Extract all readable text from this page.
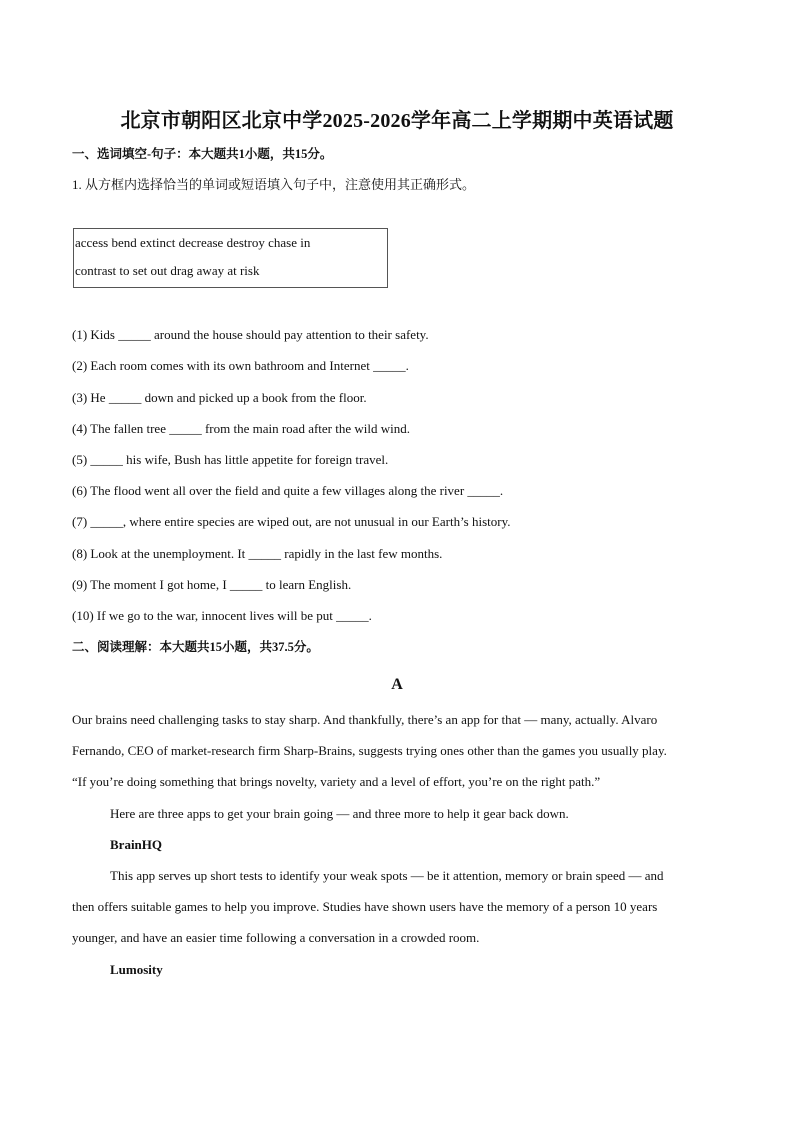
北京市朝阳区北京中学2025-2026学年高二上学期期中英语试题
一、选词填空-句子：本大题共1小题，共15分。
1. 从方框内选择恰当的单词或短语填入句子中，注意使用其正确形式。
access bend extinct decrease destroy chase in
contrast to set out drag away at risk
(1) Kids _____ around the house should pay attention to their safety.
(2) Each room comes with its own bathroom and Internet _____.
(3) He _____ down and picked up a book from the floor.
(4) The fallen tree _____ from the main road after the wild wind.
(5) _____ his wife, Bush has little appetite for foreign travel.
(6) The flood went all over the field and quite a few villages along the river _____.
(7) _____, where entire species are wiped out, are not unusual in our Earth’s history.
(8) Look at the unemployment. It _____ rapidly in the last few months.
(9) The moment I got home, I _____ to learn English.
(10) If we go to the war, innocent lives will be put _____.
二、阅读理解：本大题共15小题，共37.5分。
A
Our brains need challenging tasks to stay sharp. And thankfully, there’s an app for that — many, actually. Alvaro
Fernando, CEO of market-research firm Sharp-Brains, suggests trying ones other than the games you usually play.
“If you’re doing something that brings novelty, variety and a level of effort, you’re on the right path.”
Here are three apps to get your brain going — and three more to help it gear back down.
BrainHQ
This app serves up short tests to identify your weak spots — be it attention, memory or brain speed — and
then offers suitable games to help you improve. Studies have shown users have the memory of a person 10 years
younger, and have an easier time following a conversation in a crowded room.
Lumosity
